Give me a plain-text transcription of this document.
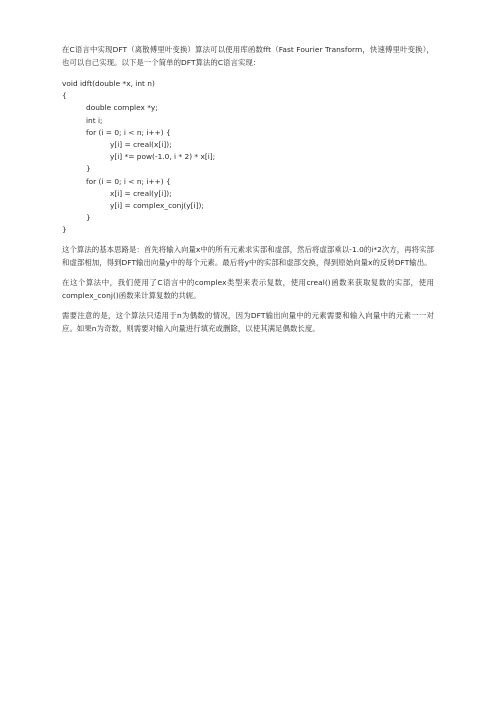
在C语言中实现DFT（离散傅里叶变换）算法可以使用库函数fft（Fast Fourier Transform，快速傅里叶变换），也可以自己实现。以下是一个简单的DFT算法的C语言实现：

void idft(double *x, int n)
{
double complex *y;
int i;
for (i = 0; i < n; i++) {
y[i] = creal(x[i]);
y[i] *= pow(-1.0, i * 2) * x[i];
}
for (i = 0; i < n; i++) {
x[i] = creal(y[i]);
y[i] = complex_conj(y[i]);
}
}

这个算法的基本思路是：首先将输入向量x中的所有元素求实部和虚部，然后将虚部乘以-1.0的i*2次方，再将实部和虚部相加，得到DFT输出向量y中的每个元素。最后将y中的实部和虚部交换，得到原始向量x的反转DFT输出。

在这个算法中，我们使用了C语言中的complex类型来表示复数，使用creal()函数来获取复数的实部，使用complex_conj()函数来计算复数的共轭。

需要注意的是，这个算法只适用于n为偶数的情况，因为DFT输出向量中的元素需要和输入向量中的元素一一对应。如果n为奇数，则需要对输入向量进行填充或删除，以使其满足偶数长度。
